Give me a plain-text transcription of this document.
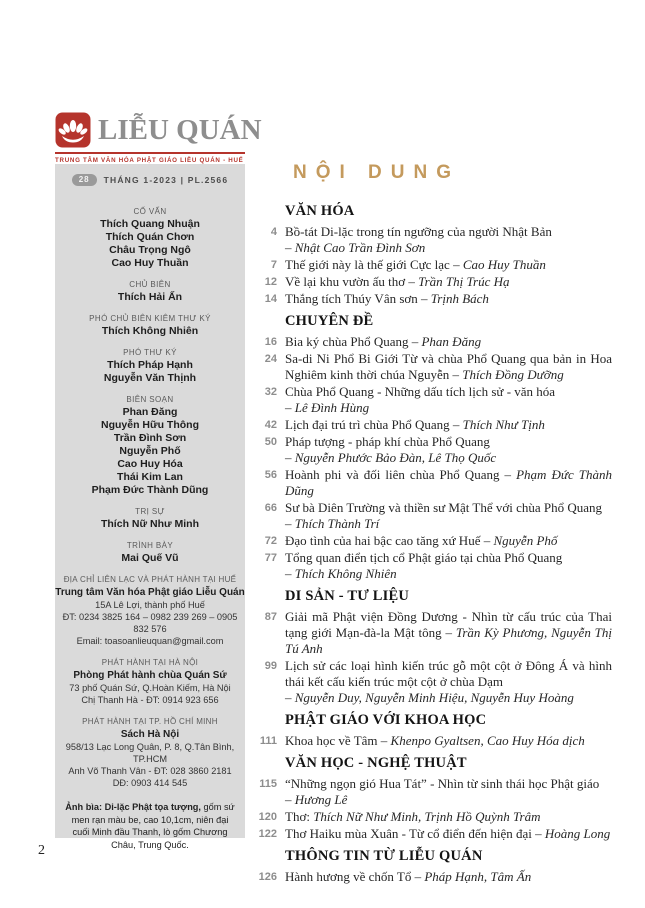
LIỄU QUÁN
TRUNG TÂM VĂN HÓA PHẬT GIÁO LIỄU QUÁN - HUẾ
28	THÁNG 1-2023 | PL.2566
CỐ VẤN
Thích Quang Nhuận
Thích Quán Chơn
Châu Trọng Ngô
Cao Huy Thuần
CHỦ BIÊN
Thích Hải Ấn
PHÓ CHỦ BIÊN KIÊM THƯ KÝ
Thích Không Nhiên
PHÓ THƯ KÝ
Thích Pháp Hạnh
Nguyễn Văn Thịnh
BIÊN SOẠN
Phan Đăng
Nguyễn Hữu Thông
Trần Đình Sơn
Nguyễn Phố
Cao Huy Hóa
Thái Kim Lan
Phạm Đức Thành Dũng
TRỊ SỰ
Thích Nữ Như Minh
TRÌNH BÀY
Mai Quế Vũ
ĐỊA CHỈ LIÊN LẠC VÀ PHÁT HÀNH TẠI HUẾ
Trung tâm Văn hóa Phật giáo Liễu Quán
15A Lê Lợi, thành phố Huế
ĐT: 0234 3825 164 – 0982 239 269 – 0905 832 576
Email: toasoanlieuquan@gmail.com
PHÁT HÀNH TẠI HÀ NỘI
Phòng Phát hành chùa Quán Sứ
73 phố Quán Sứ, Q.Hoàn Kiếm, Hà Nội
Chị Thanh Hà - ĐT: 0914 923 656
PHÁT HÀNH TẠI TP. HỒ CHÍ MINH
Sách Hà Nội
958/13 Lạc Long Quân, P. 8, Q.Tân Bình, TP.HCM
Anh Võ Thanh Vân - ĐT: 028 3860 2181
DĐ: 0903 414 545
Ảnh bìa: Di-lặc Phật tọa tượng, gốm sứ men rạn màu be, cao 10,1cm, niên đại cuối Minh đầu Thanh, lò gốm Chương Châu, Trung Quốc.
2
NỘI DUNG
VĂN HÓA
4 Bồ-tát Di-lặc trong tín ngưỡng của người Nhật Bản
– Nhật Cao Trần Đình Sơn
7 Thế giới này là thế giới Cực lạc – Cao Huy Thuần
12 Về lại khu vườn ấu thơ – Trần Thị Trúc Hạ
14 Thắng tích Thúy Vân sơn – Trịnh Bách
CHUYÊN ĐỀ
16 Bia ký chùa Phổ Quang – Phan Đăng
24 Sa-di Ni Phổ Bi Giới Từ và chùa Phổ Quang qua bản in Hoa Nghiêm kinh thời chúa Nguyễn – Thích Đồng Dưỡng
32 Chùa Phổ Quang - Những dấu tích lịch sử - văn hóa
– Lê Đình Hùng
42 Lịch đại trú trì chùa Phổ Quang – Thích Như Tịnh
50 Pháp tượng - pháp khí chùa Phổ Quang
– Nguyễn Phước Bảo Đàn, Lê Thọ Quốc
56 Hoành phi và đối liên chùa Phổ Quang – Phạm Đức Thành Dũng
66 Sư bà Diên Trường và thiền sư Mật Thể với chùa Phổ Quang
– Thích Thành Trí
72 Đạo tình của hai bậc cao tăng xứ Huế – Nguyễn Phố
77 Tổng quan điển tịch cổ Phật giáo tại chùa Phổ Quang
– Thích Không Nhiên
DI SẢN - TƯ LIỆU
87 Giải mã Phật viện Đồng Dương - Nhìn từ cấu trúc của Thai tạng giới Mạn-đà-la Mật tông – Trần Kỳ Phương, Nguyễn Thị Tú Anh
99 Lịch sử các loại hình kiến trúc gỗ một cột ở Đông Á và hình thái kết cấu kiến trúc một cột ở chùa Dạm
– Nguyễn Duy, Nguyễn Minh Hiệu, Nguyễn Huy Hoàng
PHẬT GIÁO VỚI KHOA HỌC
111 Khoa học về Tâm – Khenpo Gyaltsen, Cao Huy Hóa dịch
VĂN HỌC - NGHỆ THUẬT
115 “Những ngọn gió Hua Tát” - Nhìn từ sinh thái học Phật giáo
– Hương Lê
120 Thơ: Thích Nữ Như Minh, Trịnh Hồ Quỳnh Trâm
122 Thơ Haiku mùa Xuân - Từ cổ điển đến hiện đại – Hoàng Long
THÔNG TIN TỪ LIỄU QUÁN
126 Hành hương về chốn Tổ – Pháp Hạnh, Tâm Ấn
